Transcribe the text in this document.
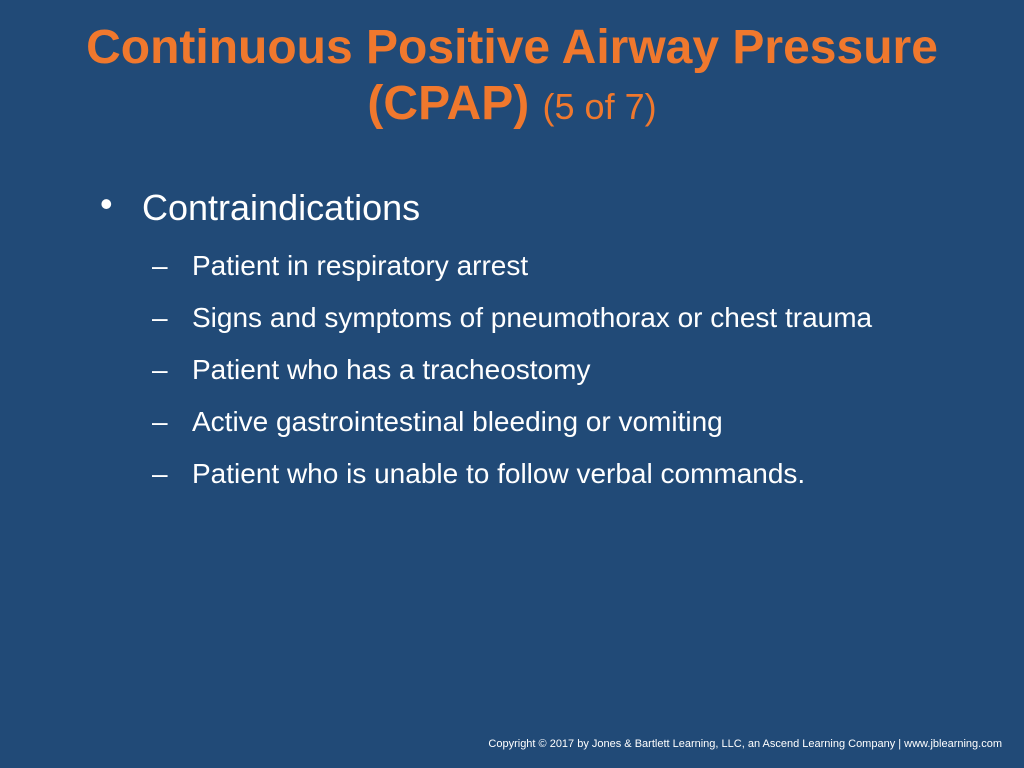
Continuous Positive Airway Pressure (CPAP) (5 of 7)
• Contraindications
– Patient in respiratory arrest
– Signs and symptoms of pneumothorax or chest trauma
– Patient who has a tracheostomy
– Active gastrointestinal bleeding or vomiting
– Patient who is unable to follow verbal commands.
Copyright © 2017 by Jones & Bartlett Learning, LLC, an Ascend Learning Company | www.jblearning.com
